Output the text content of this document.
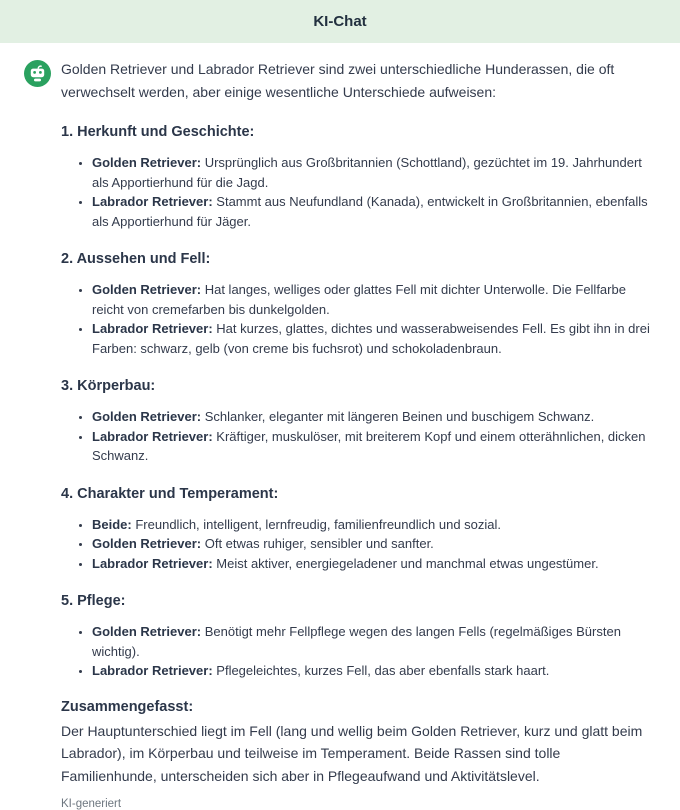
KI-Chat

Golden Retriever und Labrador Retriever sind zwei unterschiedliche Hunderassen, die oft verwechselt werden, aber einige wesentliche Unterschiede aufweisen:

1. Herkunft und Geschichte:

• Golden Retriever: Ursprünglich aus Großbritannien (Schottland), gezüchtet im 19. Jahrhundert als Apportierhund für die Jagd.
• Labrador Retriever: Stammt aus Neufundland (Kanada), entwickelt in Großbritannien, ebenfalls als Apportierhund für Jäger.

2. Aussehen und Fell:

• Golden Retriever: Hat langes, welliges oder glattes Fell mit dichter Unterwolle. Die Fellfarbe reicht von cremefarben bis dunkelgolden.
• Labrador Retriever: Hat kurzes, glattes, dichtes und wasserabweisendes Fell. Es gibt ihn in drei Farben: schwarz, gelb (von creme bis fuchsrot) und schokoladenbraun.

3. Körperbau:

• Golden Retriever: Schlanker, eleganter mit längeren Beinen und buschigem Schwanz.
• Labrador Retriever: Kräftiger, muskulöser, mit breiterem Kopf und einem otterähnlichen, dicken Schwanz.

4. Charakter und Temperament:

• Beide: Freundlich, intelligent, lernfreudig, familienfreundlich und sozial.
• Golden Retriever: Oft etwas ruhiger, sensibler und sanfter.
• Labrador Retriever: Meist aktiver, energiegeladener und manchmal etwas ungestümer.

5. Pflege:

• Golden Retriever: Benötigt mehr Fellpflege wegen des langen Fells (regelmäßiges Bürsten wichtig).
• Labrador Retriever: Pflegeleichtes, kurzes Fell, das aber ebenfalls stark haart.

Zusammengefasst:

Der Hauptunterschied liegt im Fell (lang und wellig beim Golden Retriever, kurz und glatt beim Labrador), im Körperbau und teilweise im Temperament. Beide Rassen sind tolle Familienhunde, unterscheiden sich aber in Pflegeaufwand und Aktivitätslevel.

KI-generiert
